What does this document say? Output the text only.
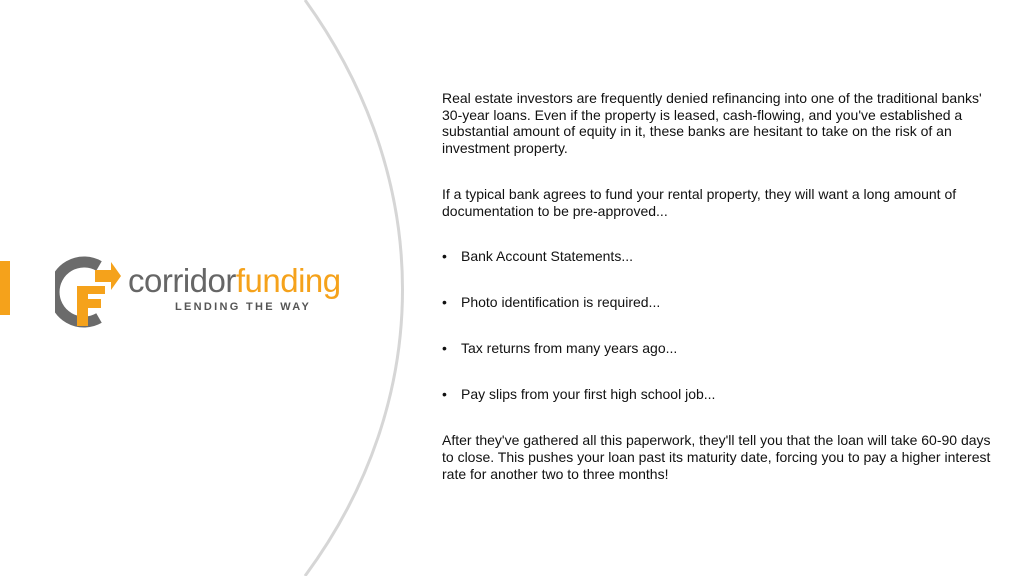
corridorfunding
LENDING THE WAY

Real estate investors are frequently denied refinancing into one of the traditional banks' 30-year loans. Even if the property is leased, cash-flowing, and you've established a substantial amount of equity in it, these banks are hesitant to take on the risk of an investment property.

If a typical bank agrees to fund your rental property, they will want a long amount of documentation to be pre-approved...

• Bank Account Statements...
• Photo identification is required...
• Tax returns from many years ago...
• Pay slips from your first high school job...

After they've gathered all this paperwork, they'll tell you that the loan will take 60-90 days to close. This pushes your loan past its maturity date, forcing you to pay a higher interest rate for another two to three months!
